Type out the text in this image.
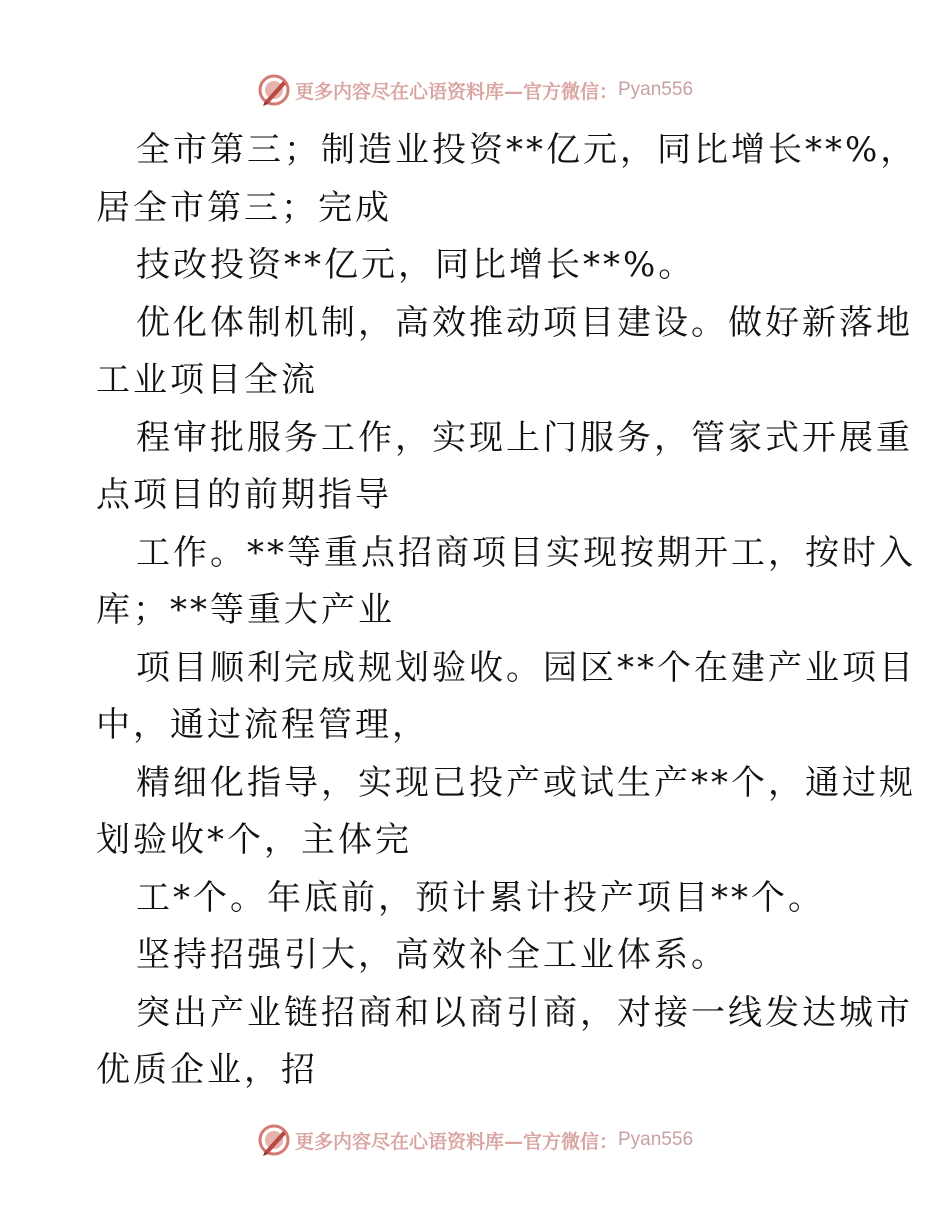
更多内容尽在心语资料库—官方微信： Pyan556
全市第三；制造业投资**亿元，同比增长**%，
居全市第三；完成
技改投资**亿元，同比增长**%。
优化体制机制，高效推动项目建设。做好新落地
工业项目全流
程审批服务工作，实现上门服务，管家式开展重
点项目的前期指导
工作。**等重点招商项目实现按期开工，按时入
库；**等重大产业
项目顺利完成规划验收。园区**个在建产业项目
中，通过流程管理，
精细化指导，实现已投产或试生产**个，通过规
划验收*个，主体完
工*个。年底前，预计累计投产项目**个。
坚持招强引大，高效补全工业体系。
突出产业链招商和以商引商，对接一线发达城市
优质企业，招
更多内容尽在心语资料库—官方微信： Pyan556
